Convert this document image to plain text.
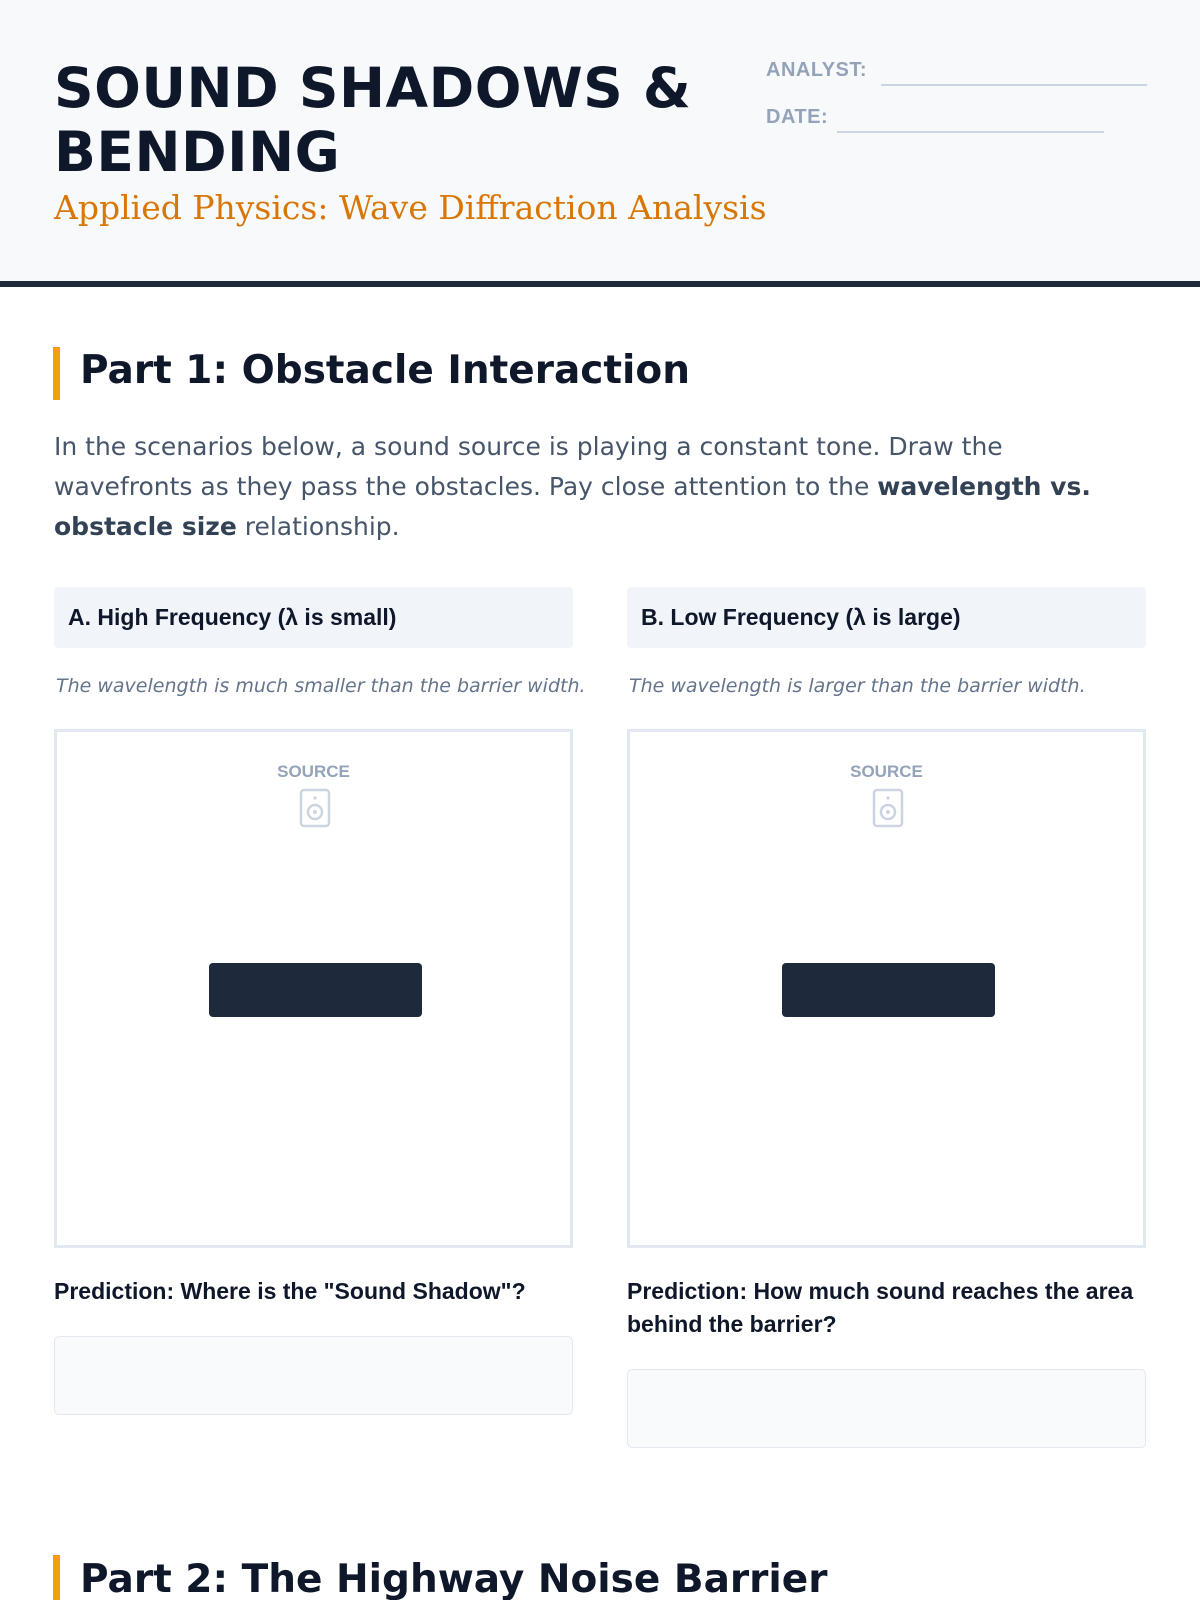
SOUND SHADOWS & BENDING
Applied Physics: Wave Diffraction Analysis
ANALYST:
DATE:
Part 1: Obstacle Interaction
In the scenarios below, a sound source is playing a constant tone. Draw the wavefronts as they pass the obstacles. Pay close attention to the wavelength vs. obstacle size relationship.
A. High Frequency (λ is small)
The wavelength is much smaller than the barrier width.
SOURCE
Prediction: Where is the "Sound Shadow"?
B. Low Frequency (λ is large)
The wavelength is larger than the barrier width.
SOURCE
Prediction: How much sound reaches the area behind the barrier?
Part 2: The Highway Noise Barrier
